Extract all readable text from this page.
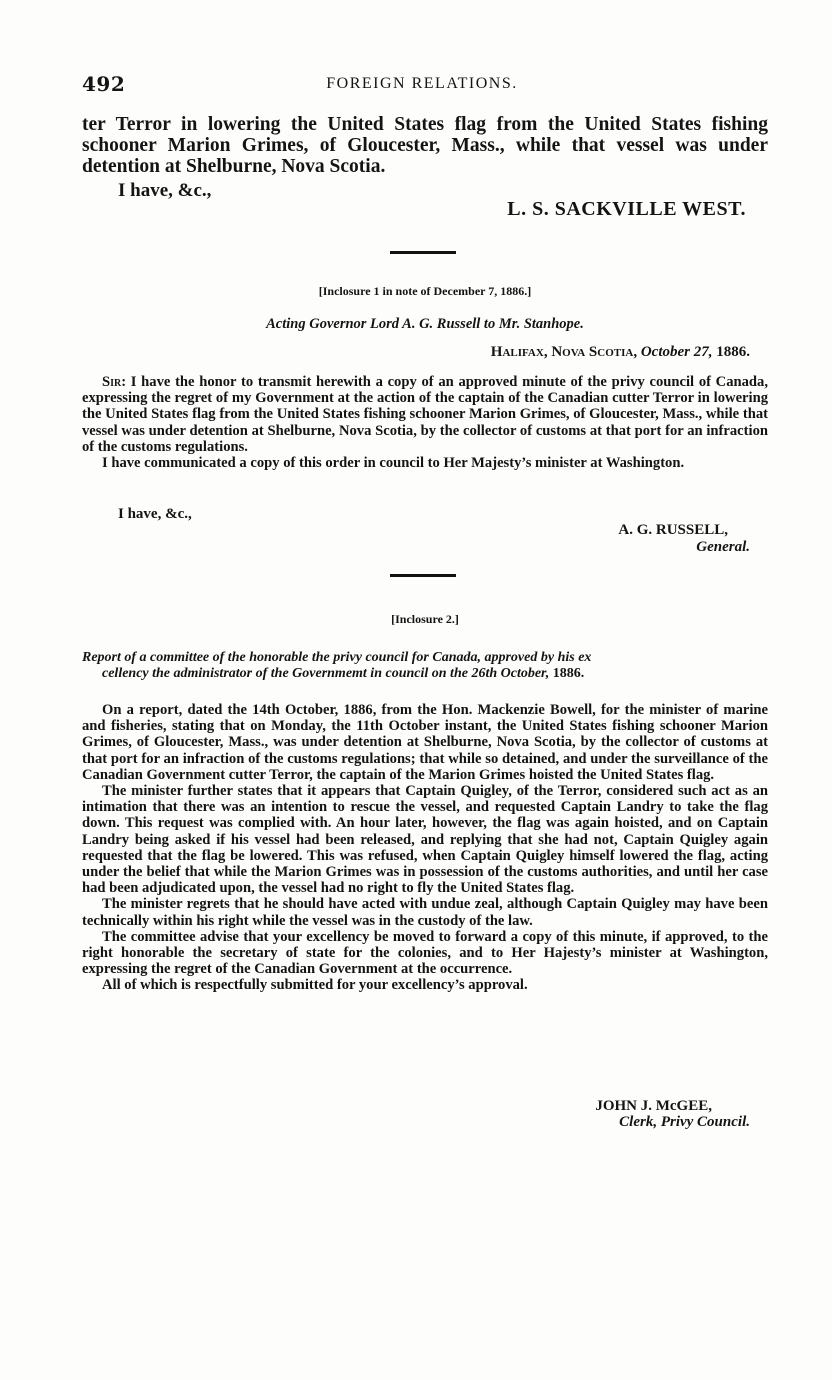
492	FOREIGN RELATIONS.

ter Terror in lowering the United States flag from the United States fishing schooner Marion Grimes, of Gloucester, Mass., while that vessel was under detention at Shelburne, Nova Scotia.

I have, &c.,
L. S. SACKVILLE WEST.
[Inclosure 1 in note of December 7, 1886.]
Acting Governor Lord A. G. Russell to Mr. Stanhope.
Halifax, Nova Scotia, October 27, 1886.

Sir: I have the honor to transmit herewith a copy of an approved minute of the privy council of Canada, expressing the regret of my Government at the action of the captain of the Canadian cutter Terror in lowering the United States flag from the United States fishing schooner Marion Grimes, of Gloucester, Mass., while that vessel was under detention at Shelburne, Nova Scotia, by the collector of customs at that port for an infraction of the customs regulations.

I have communicated a copy of this order in council to Her Majesty’s minister at Washington.

I have, &c.,
A. G. RUSSELL,
General.
[Inclosure 2.]
Report of a committee of the honorable the privy council for Canada, approved by his ex
cellency the administrator of the Governmemt in council on the 26th October, 1886.

On a report, dated the 14th October, 1886, from the Hon. Mackenzie Bowell, for the minister of marine and fisheries, stating that on Monday, the 11th October instant, the United States fishing schooner Marion Grimes, of Gloucester, Mass., was under detention at Shelburne, Nova Scotia, by the collector of customs at that port for an infraction of the customs regulations; that while so detained, and under the surveillance of the Canadian Government cutter Terror, the captain of the Marion Grimes hoisted the United States flag.

The minister further states that it appears that Captain Quigley, of the Terror, considered such act as an intimation that there was an intention to rescue the vessel, and requested Captain Landry to take the flag down. This request was complied with. An hour later, however, the flag was again hoisted, and on Captain Landry being asked if his vessel had been released, and replying that she had not, Captain Quigley again requested that the flag be lowered. This was refused, when Captain Quigley himself lowered the flag, acting under the belief that while the Marion Grimes was in possession of the customs authorities, and until her case had been adjudicated upon, the vessel had no right to fly the United States flag.

The minister regrets that he should have acted with undue zeal, although Captain Quigley may have been technically within his right while the vessel was in the custody of the law.

The committee advise that your excellency be moved to forward a copy of this minute, if approved, to the right honorable the secretary of state for the colonies, and to Her Hajesty’s minister at Washington, expressing the regret of the Canadian Government at the occurrence.

All of which is respectfully submitted for your excellency’s approval.

JOHN J. McGEE,
Clerk, Privy Council.
